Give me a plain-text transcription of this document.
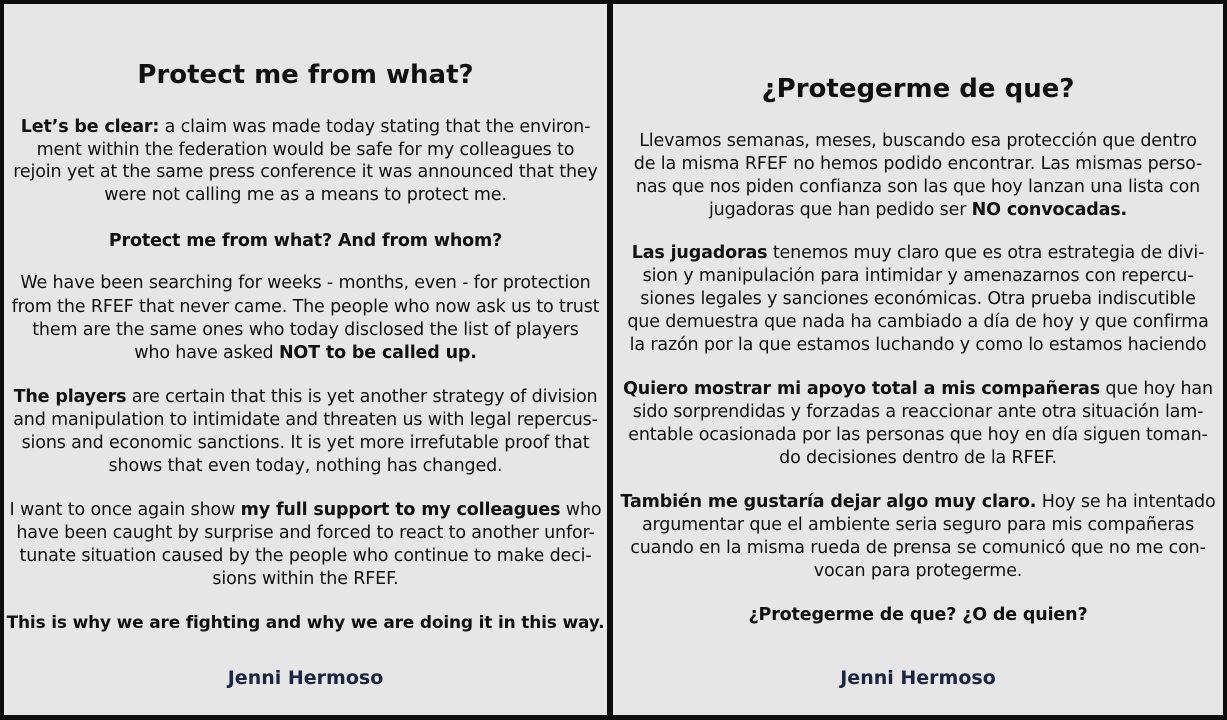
Protect me from what?
Let’s be clear: a claim was made today stating that the environ-
ment within the federation would be safe for my colleagues to
rejoin yet at the same press conference it was announced that they
were not calling me as a means to protect me.
Protect me from what? And from whom?
We have been searching for weeks - months, even - for protection
from the RFEF that never came. The people who now ask us to trust
them are the same ones who today disclosed the list of players
who have asked NOT to be called up.
The players are certain that this is yet another strategy of division
and manipulation to intimidate and threaten us with legal repercus-
sions and economic sanctions. It is yet more irrefutable proof that
shows that even today, nothing has changed.
I want to once again show my full support to my colleagues who
have been caught by surprise and forced to react to another unfor-
tunate situation caused by the people who continue to make deci-
sions within the RFEF.
This is why we are fighting and why we are doing it in this way.
Jenni Hermoso
¿Protegerme de que?
Llevamos semanas, meses, buscando esa protección que dentro
de la misma RFEF no hemos podido encontrar. Las mismas perso-
nas que nos piden confianza son las que hoy lanzan una lista con
jugadoras que han pedido ser NO convocadas.
Las jugadoras tenemos muy claro que es otra estrategia de divi-
sion y manipulación para intimidar y amenazarnos con repercu-
siones legales y sanciones económicas. Otra prueba indiscutible
que demuestra que nada ha cambiado a día de hoy y que confirma
la razón por la que estamos luchando y como lo estamos haciendo
Quiero mostrar mi apoyo total a mis compañeras que hoy han
sido sorprendidas y forzadas a reaccionar ante otra situación lam-
entable ocasionada por las personas que hoy en día siguen toman-
do decisiones dentro de la RFEF.
También me gustaría dejar algo muy claro. Hoy se ha intentado
argumentar que el ambiente seria seguro para mis compañeras
cuando en la misma rueda de prensa se comunicó que no me con-
vocan para protegerme.
¿Protegerme de que? ¿O de quien?
Jenni Hermoso
